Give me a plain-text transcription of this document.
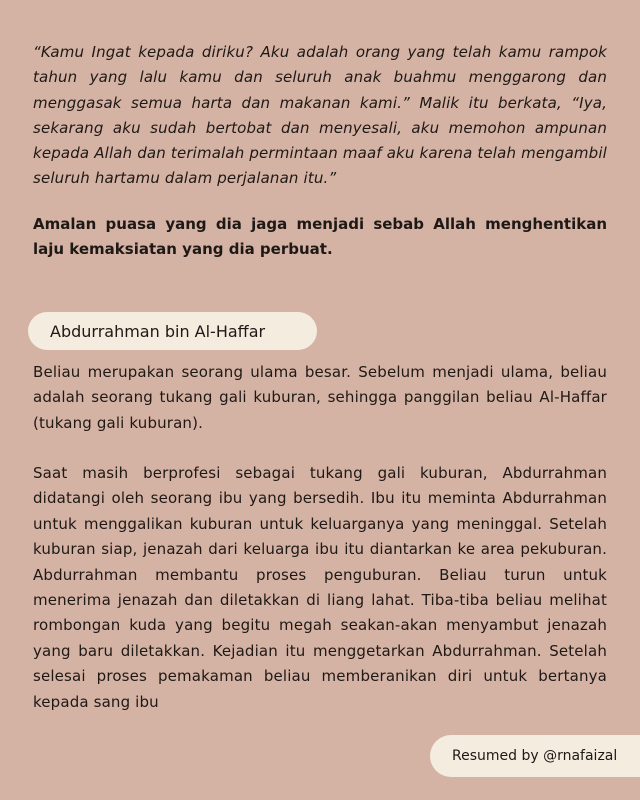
“Kamu Ingat kepada diriku? Aku adalah orang yang telah kamu rampok tahun yang lalu kamu dan seluruh anak buahmu menggarong dan menggasak semua harta dan makanan kami.” Malik itu berkata, “Iya, sekarang aku sudah bertobat dan menyesali, aku memohon ampunan kepada Allah dan terimalah permintaan maaf aku karena telah mengambil seluruh hartamu dalam perjalanan itu.”

Amalan puasa yang dia jaga menjadi sebab Allah menghentikan laju kemaksiatan yang dia perbuat.

Abdurrahman bin Al-Haffar

Beliau merupakan seorang ulama besar. Sebelum menjadi ulama, beliau adalah seorang tukang gali kuburan, sehingga panggilan beliau Al-Haffar (tukang gali kuburan).

Saat masih berprofesi sebagai tukang gali kuburan, Abdurrahman didatangi oleh seorang ibu yang bersedih. Ibu itu meminta Abdurrahman untuk menggalikan kuburan untuk keluarganya yang meninggal. Setelah kuburan siap, jenazah dari keluarga ibu itu diantarkan ke area pekuburan. Abdurrahman membantu proses penguburan. Beliau turun untuk menerima jenazah dan diletakkan di liang lahat. Tiba-tiba beliau melihat rombongan kuda yang begitu megah seakan-akan menyambut jenazah yang baru diletakkan. Kejadian itu menggetarkan Abdurrahman. Setelah selesai proses pemakaman beliau memberanikan diri untuk bertanya kepada sang ibu

Resumed by @rnafaizal
